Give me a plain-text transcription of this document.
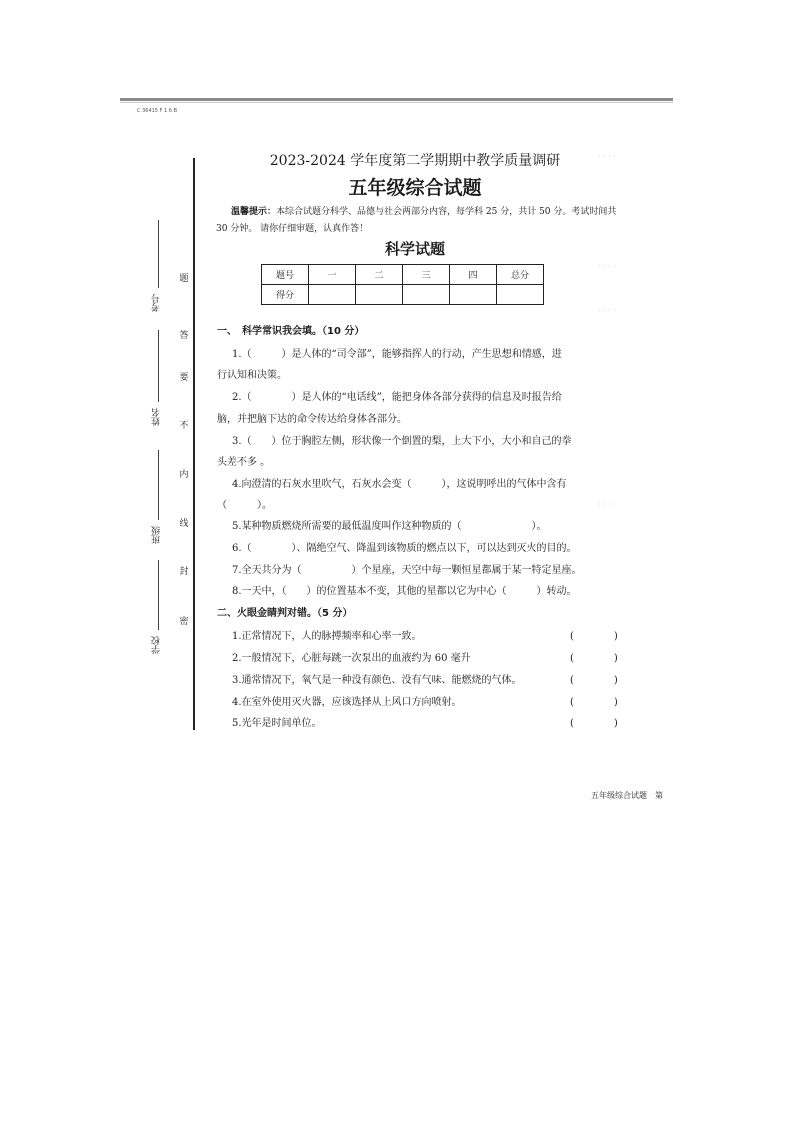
C 36415 F 1 6 B
考号
姓名
班级
学校
题
答
要
不
内
线
封
密
· · · ·
· · · ·
· · · ·
· · · ·
2023-2024 学年度第二学期期中教学质量调研
五年级综合试题
温馨提示：本综合试题分科学、品德与社会两部分内容，每学科 25 分，共计 50 分。考试时间共 30 分钟。 请你仔细审题，认真作答！
科学试题
题号	一	二	三	四	总分
得分					
一、　科学常识我会填。（10 分）
1.（　　　）是人体的“司令部”，能够指挥人的行动，产生思想和情感，进
行认知和决策。
2.（　　　　）是人体的“电话线”，能把身体各部分获得的信息及时报告给
脑，并把脑下达的命令传达给身体各部分。
3.（　　）位于胸腔左侧，形状像一个倒置的梨，上大下小，大小和自己的拳
头差不多 。
4.向澄清的石灰水里吹气，石灰水会变（　　　），这说明呼出的气体中含有
（　　　）。
5.某种物质燃烧所需要的最低温度叫作这种物质的（　　　　　　　）。
6.（　　　　）、隔绝空气、降温到该物质的燃点以下，可以达到灭火的目的。
7.全天共分为（　　　　　）个星座，天空中每一颗恒星都属于某一特定星座。
8.一天中，（　　）的位置基本不变，其他的星都以它为中心（　　　）转动。
二、火眼金睛判对错。（5 分）
1.正常情况下，人的脉搏频率和心率一致。	(　　　　)
2.一般情况下，心脏每跳一次泵出的血液约为 60 毫升	(　　　　)
3.通常情况下，氧气是一种没有颜色、没有气味、能燃烧的气体。	(　　　　)
4.在室外使用灭火器，应该选择从上风口方向喷射。	(　　　　)
5.光年是时间单位。	(　　　　)
五年级综合试题　第
